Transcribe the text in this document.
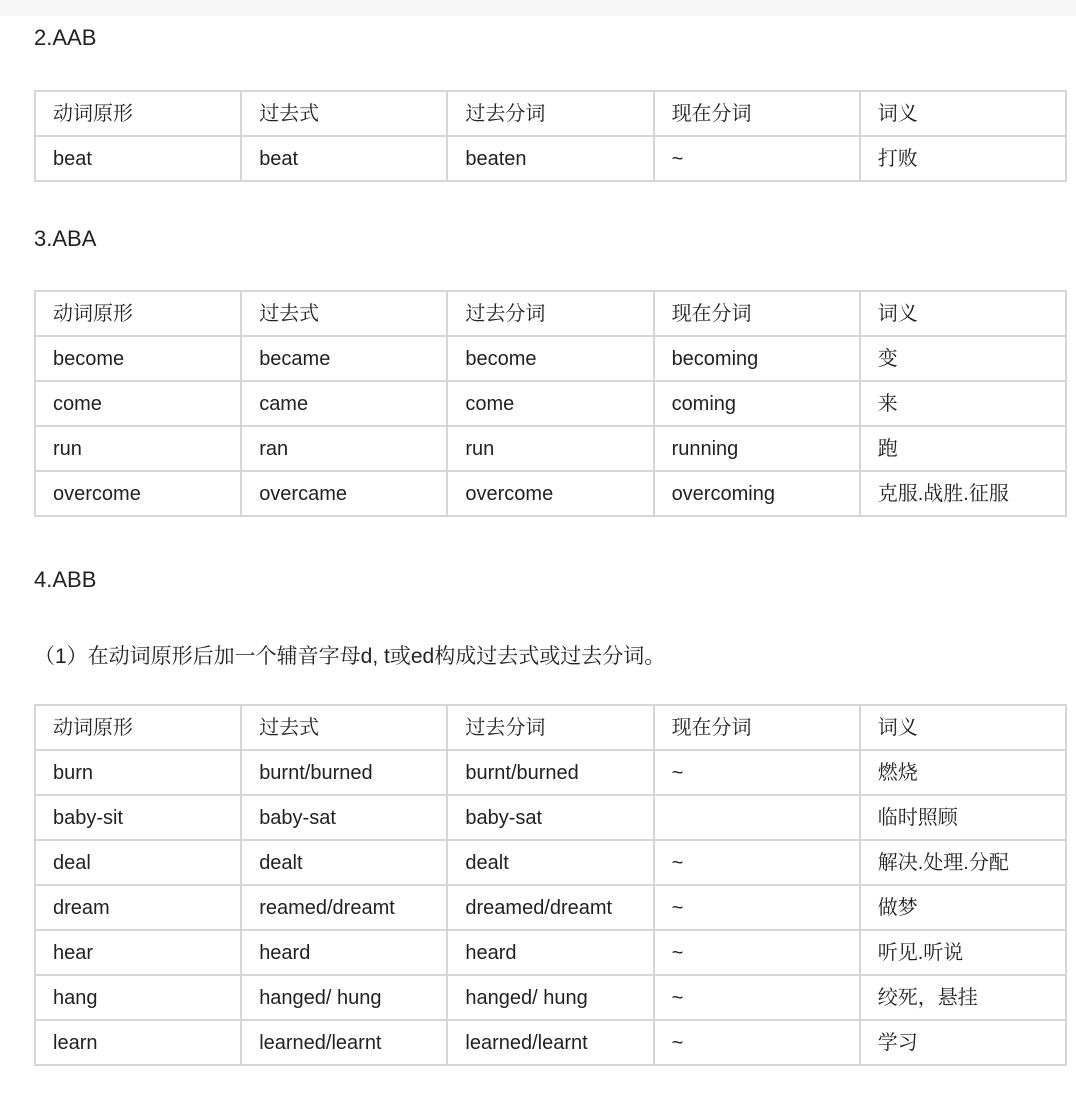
2.AAB
动词原形	过去式	过去分词	现在分词	词义
beat	beat	beaten	~	打败
3.ABA
动词原形	过去式	过去分词	现在分词	词义
become	became	become	becoming	变
come	came	come	coming	来
run	ran	run	running	跑
overcome	overcame	overcome	overcoming	克服.战胜.征服
4.ABB
（1）在动词原形后加一个辅音字母d, t或ed构成过去式或过去分词。
动词原形	过去式	过去分词	现在分词	词义
burn	burnt/burned	burnt/burned	~	燃烧
baby-sit	baby-sat	baby-sat		临时照顾
deal	dealt	dealt	~	解决.处理.分配
dream	reamed/dreamt	dreamed/dreamt	~	做梦
hear	heard	heard	~	听见.听说
hang	hanged/ hung	hanged/ hung	~	绞死，悬挂
learn	learned/learnt	learned/learnt	~	学习
